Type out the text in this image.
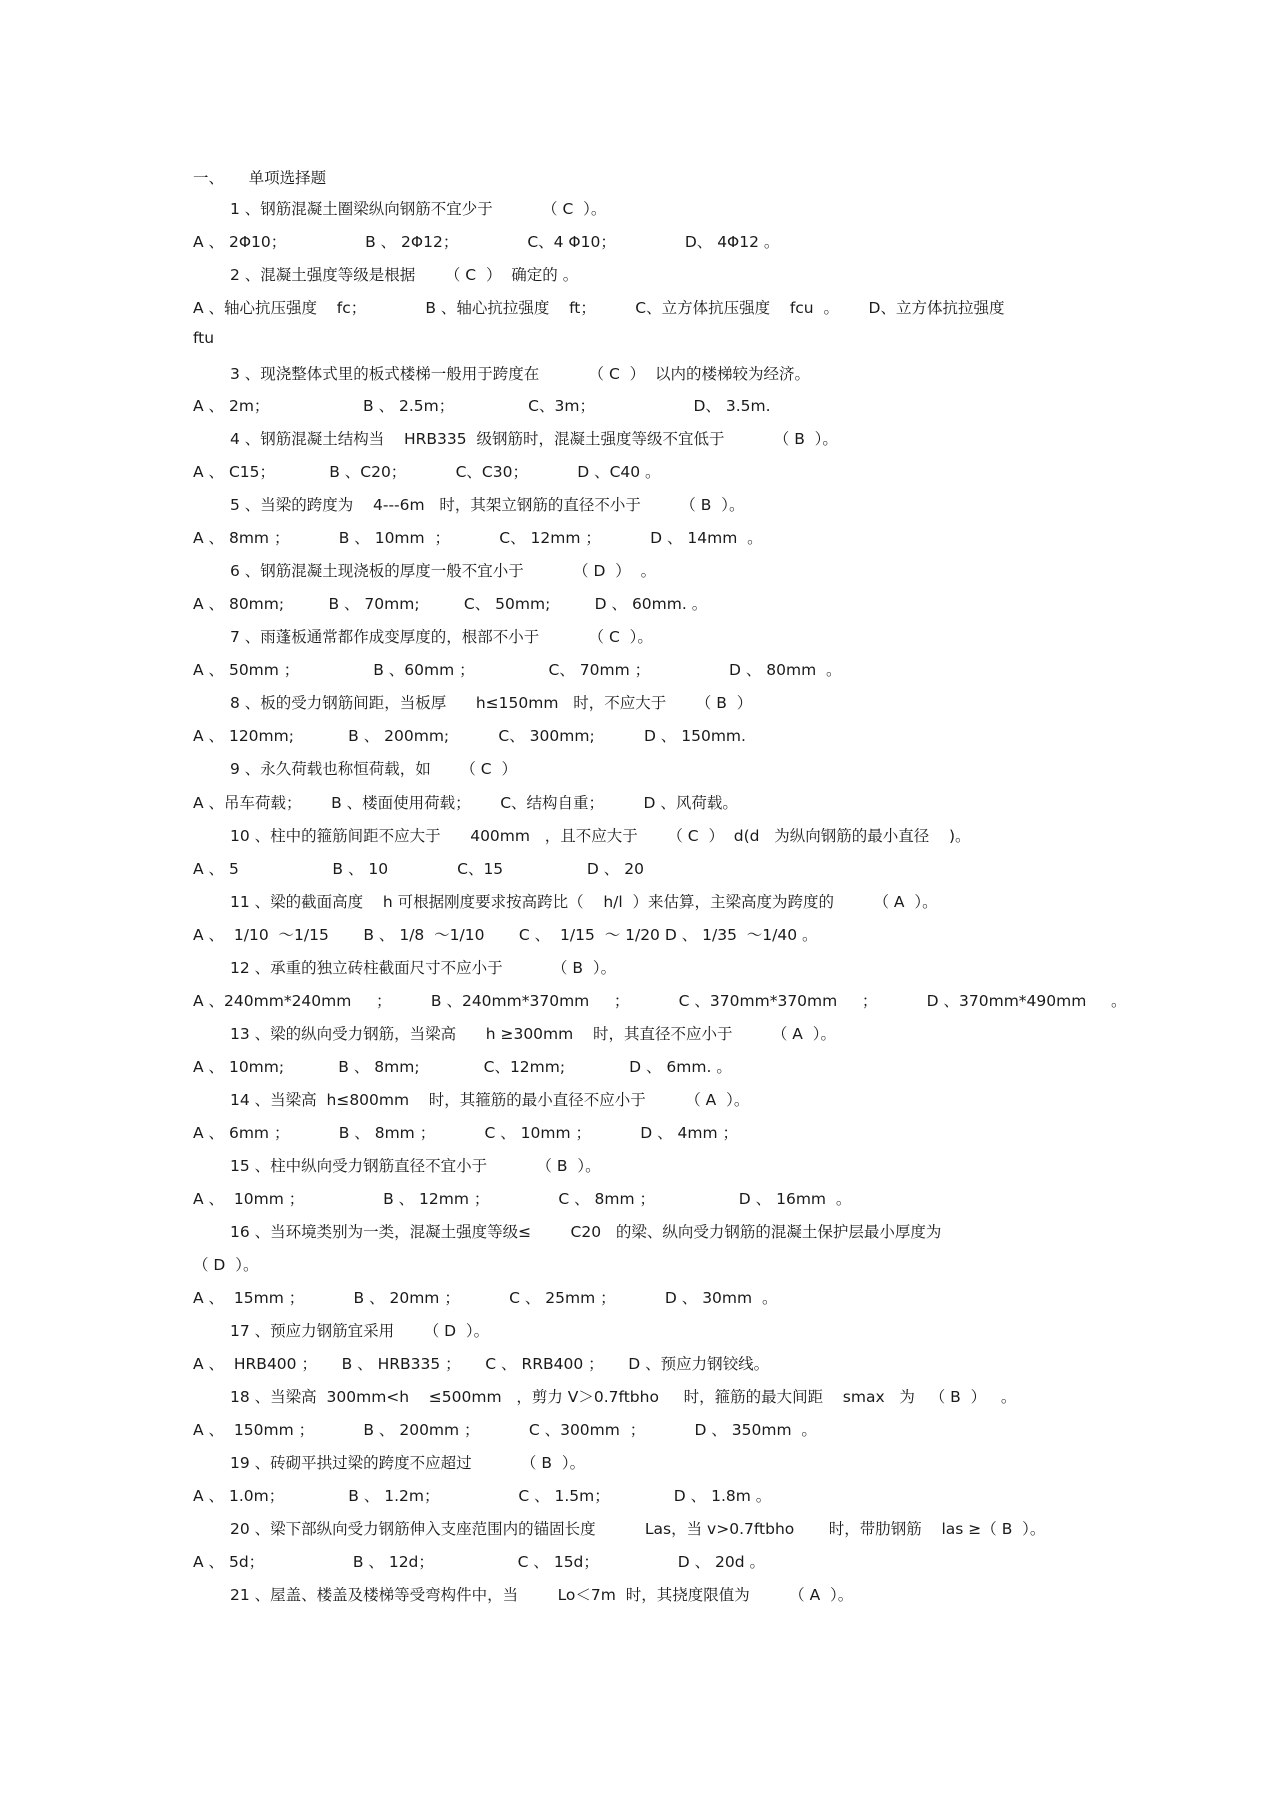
一、     单项选择题
1 、钢筋混凝土圈梁纵向钢筋不宜少于          （ C  ）。
A 、 2Φ10；                B 、 2Φ12；              C、4 Φ10；              D、 4Φ12 。
2 、混凝土强度等级是根据      （ C  ）  确定的 。
A 、轴心抗压强度    fc；            B 、轴心抗拉强度    ft；        C、立方体抗压强度    fcu  。      D、立方体抗拉强度
ftu
3 、现浇整体式里的板式楼梯一般用于跨度在          （ C  ）  以内的楼梯较为经济。
A 、 2m；                   B 、 2.5m；               C、3m；                    D、 3.5m.
4 、钢筋混凝土结构当    HRB335  级钢筋时，混凝土强度等级不宜低于          （ B  ）。
A 、 C15；           B 、C20；          C、C30；          D 、C40 。
5 、当梁的跨度为    4---6m   时，其架立钢筋的直径不小于        （ B  ）。
A 、 8mm ；          B 、 10mm  ；          C、 12mm ；          D 、 14mm  。
6 、钢筋混凝土现浇板的厚度一般不宜小于          （ D  ）  。
A 、 80mm;         B 、 70mm;         C、 50mm;         D 、 60mm. 。
7 、雨蓬板通常都作成变厚度的，根部不小于          （ C  ）。
A 、 50mm ；               B 、60mm ；               C、 70mm ；                D 、 80mm  。
8 、板的受力钢筋间距，当板厚      h≤150mm   时，不应大于      （ B  ）
A 、 120mm;           B 、 200mm;          C、 300mm;          D 、 150mm.
9 、永久荷载也称恒荷载，如      （ C  ）
A 、吊车荷载；      B 、楼面使用荷载；      C、结构自重；        D 、风荷载。
10 、柱中的箍筋间距不应大于      400mm   ，且不应大于      （ C  ）  d(d   为纵向钢筋的最小直径    )。
A 、 5                   B 、 10              C、15                 D 、 20
11 、梁的截面高度    h 可根据刚度要求按高跨比（    h/l  ）来估算，主梁高度为跨度的        （ A  ）。
A 、  1/10  ～1/15       B 、 1/8  ～1/10       C 、  1/15  ～ 1/20 D 、 1/35  ～1/40 。
12 、承重的独立砖柱截面尺寸不应小于          （ B  ）。
A 、240mm*240mm     ；        B 、240mm*370mm     ；          C 、370mm*370mm     ；          D 、370mm*490mm     。
13 、梁的纵向受力钢筋，当梁高      h ≥300mm    时，其直径不应小于        （ A  ）。
A 、 10mm;           B 、 8mm;             C、12mm;             D 、 6mm. 。
14 、当梁高  h≤800mm    时，其箍筋的最小直径不应小于        （ A  ）。
A 、 6mm ；          B 、 8mm ；          C 、 10mm ；          D 、 4mm ；
15 、柱中纵向受力钢筋直径不宜小于          （ B  ）。
A 、  10mm ；                B 、 12mm ；              C 、 8mm ；                 D 、 16mm  。
16 、当环境类别为一类，混凝土强度等级≤        C20   的梁、纵向受力钢筋的混凝土保护层最小厚度为
（ D  ）。
A 、  15mm ；          B 、 20mm ；          C 、 25mm ；          D 、 30mm  。
17 、预应力钢筋宜采用      （ D  ）。
A 、  HRB400 ；     B 、 HRB335 ；     C 、 RRB400 ；     D 、预应力钢铰线。
18 、当梁高  300mm<h    ≤500mm   ，剪力 V＞0.7ftbho     时，箍筋的最大间距    smax   为   （ B  ）   。
A 、  150mm ；          B 、 200mm ；          C 、300mm  ；          D 、 350mm  。
19 、砖砌平拱过梁的跨度不应超过          （ B  ）。
A 、 1.0m；             B 、 1.2m；                C 、 1.5m；             D 、 1.8m 。
20 、梁下部纵向受力钢筋伸入支座范围内的锚固长度          Las，当 v>0.7ftbho       时，带肋钢筋    las ≥（ B  ）。
A 、 5d；                  B 、 12d；                 C 、 15d；                D 、 20d 。
21 、屋盖、楼盖及楼梯等受弯构件中，当        Lo＜7m  时，其挠度限值为        （ A  ）。
